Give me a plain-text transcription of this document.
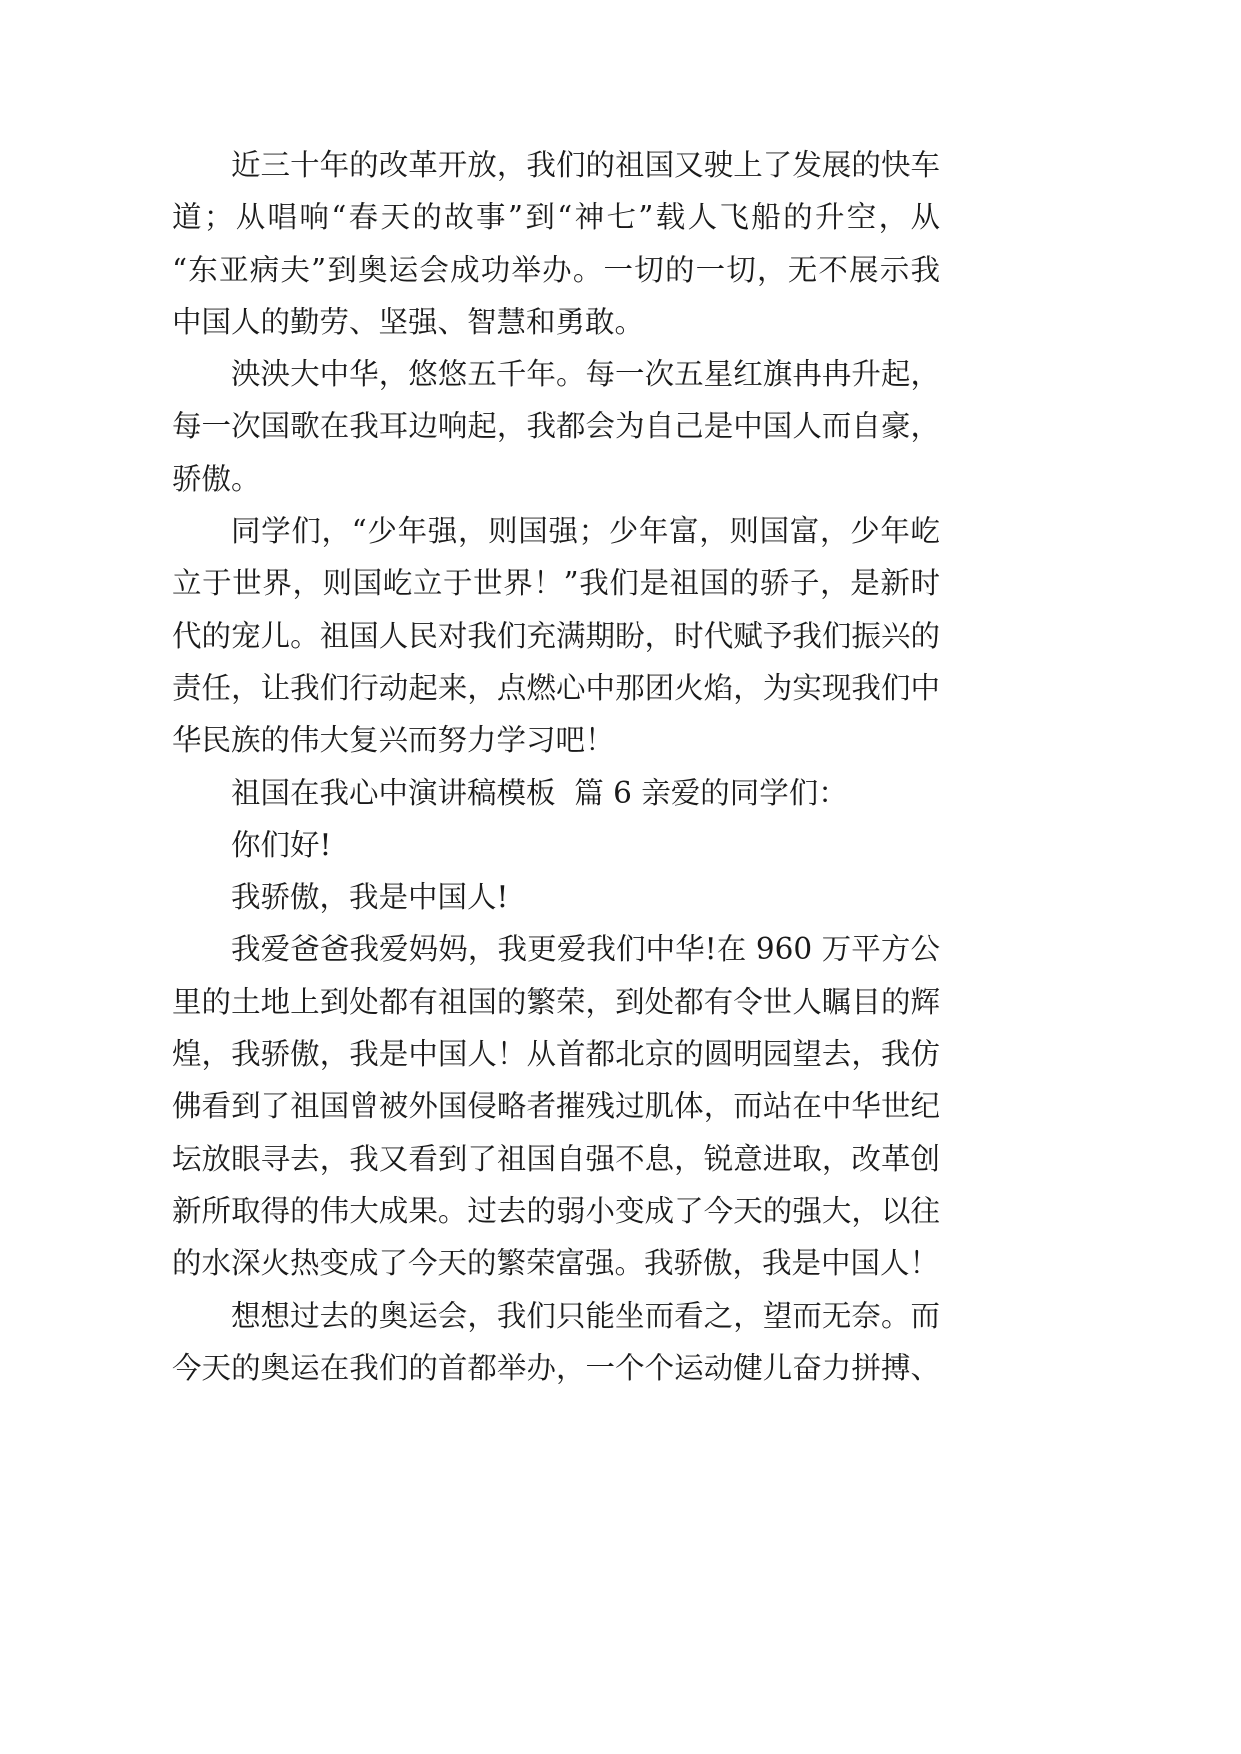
近三十年的改革开放，我们的祖国又驶上了发展的快车
道；从唱响“春天的故事”到“神七”载人飞船的升空，从
“东亚病夫”到奥运会成功举办。一切的一切，无不展示我
中国人的勤劳、坚强、智慧和勇敢。
泱泱大中华，悠悠五千年。每一次五星红旗冉冉升起，
每一次国歌在我耳边响起，我都会为自己是中国人而自豪，
骄傲。
同学们，“少年强，则国强；少年富，则国富，少年屹
立于世界，则国屹立于世界！”我们是祖国的骄子，是新时
代的宠儿。祖国人民对我们充满期盼，时代赋予我们振兴的
责任，让我们行动起来，点燃心中那团火焰，为实现我们中
华民族的伟大复兴而努力学习吧！
祖国在我心中演讲稿模板  篇 6 亲爱的同学们：
你们好!
我骄傲，我是中国人!
我爱爸爸我爱妈妈，我更爱我们中华!在 960 万平方公
里的土地上到处都有祖国的繁荣，到处都有令世人瞩目的辉
煌，我骄傲，我是中国人！从首都北京的圆明园望去，我仿
佛看到了祖国曾被外国侵略者摧残过肌体，而站在中华世纪
坛放眼寻去，我又看到了祖国自强不息，锐意进取，改革创
新所取得的伟大成果。过去的弱小变成了今天的强大，以往
的水深火热变成了今天的繁荣富强。我骄傲，我是中国人！
想想过去的奥运会，我们只能坐而看之，望而无奈。而
今天的奥运在我们的首都举办，一个个运动健儿奋力拼搏、
